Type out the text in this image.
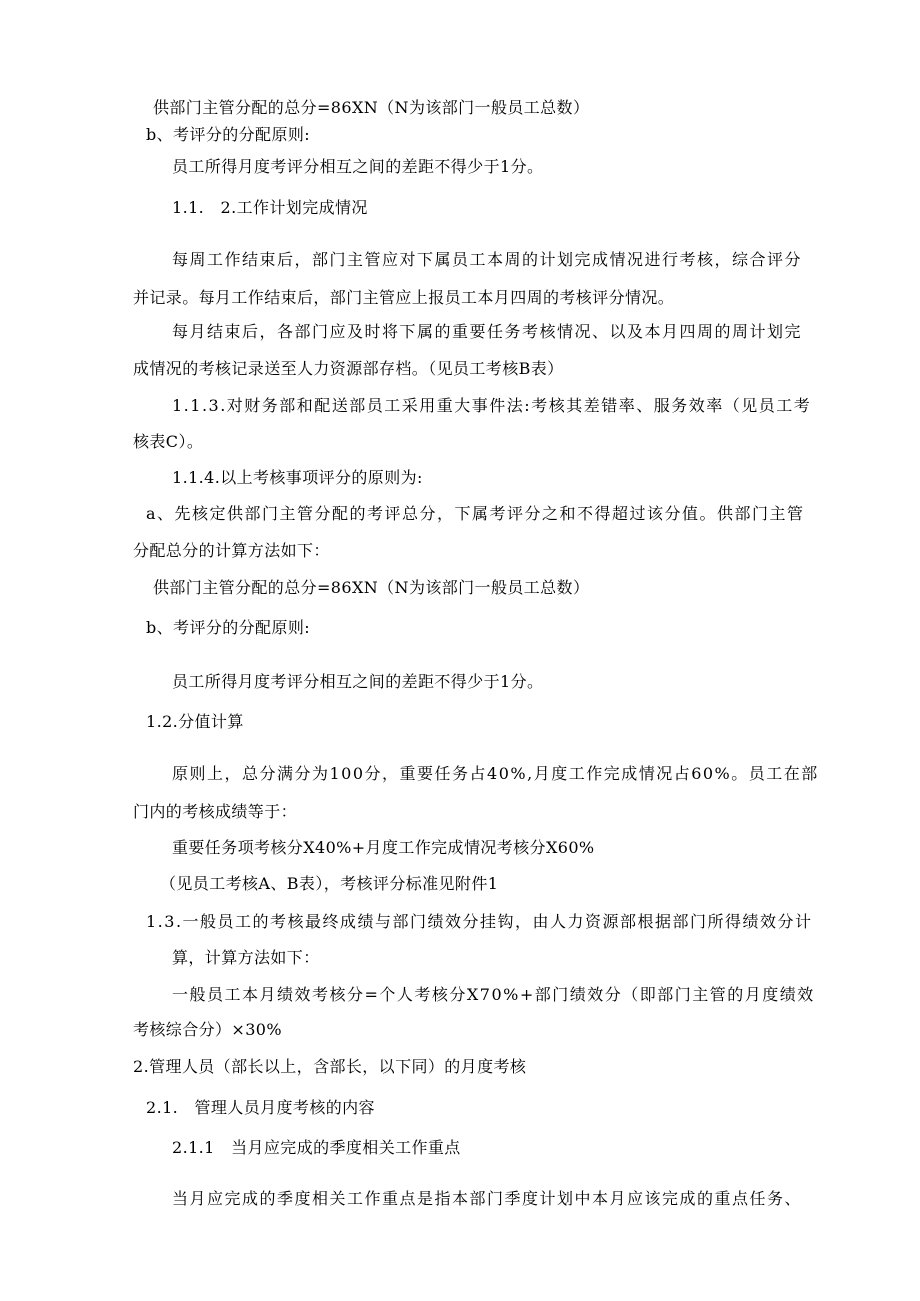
供部门主管分配的总分=86XN（N为该部门一般员工总数）
b、考评分的分配原则:
员工所得月度考评分相互之间的差距不得少于1分。
1.1.　2.工作计划完成情况
每周工作结束后，部门主管应对下属员工本周的计划完成情况进行考核，综合评分
并记录。每月工作结束后，部门主管应上报员工本月四周的考核评分情况。
每月结束后，各部门应及时将下属的重要任务考核情况、以及本月四周的周计划完
成情况的考核记录送至人力资源部存档。（见员工考核B表）
1.1.3.对财务部和配送部员工采用重大事件法:考核其差错率、服务效率（见员工考
核表C）。
1.1.4.以上考核事项评分的原则为:
a、先核定供部门主管分配的考评总分，下属考评分之和不得超过该分值。供部门主管
分配总分的计算方法如下：
供部门主管分配的总分=86XN（N为该部门一般员工总数）
b、考评分的分配原则:
员工所得月度考评分相互之间的差距不得少于1分。
1.2.分值计算
原则上，总分满分为100分，重要任务占40%,月度工作完成情况占60%。员工在部
门内的考核成绩等于：
重要任务项考核分X40%+月度工作完成情况考核分X60%
（见员工考核A、B表），考核评分标准见附件1
1.3.一般员工的考核最终成绩与部门绩效分挂钩，由人力资源部根据部门所得绩效分计
算，计算方法如下：
一般员工本月绩效考核分=个人考核分X70%+部门绩效分（即部门主管的月度绩效
考核综合分）×30%
2.管理人员（部长以上，含部长，以下同）的月度考核
2.1.　管理人员月度考核的内容
2.1.1　当月应完成的季度相关工作重点
当月应完成的季度相关工作重点是指本部门季度计划中本月应该完成的重点任务、
